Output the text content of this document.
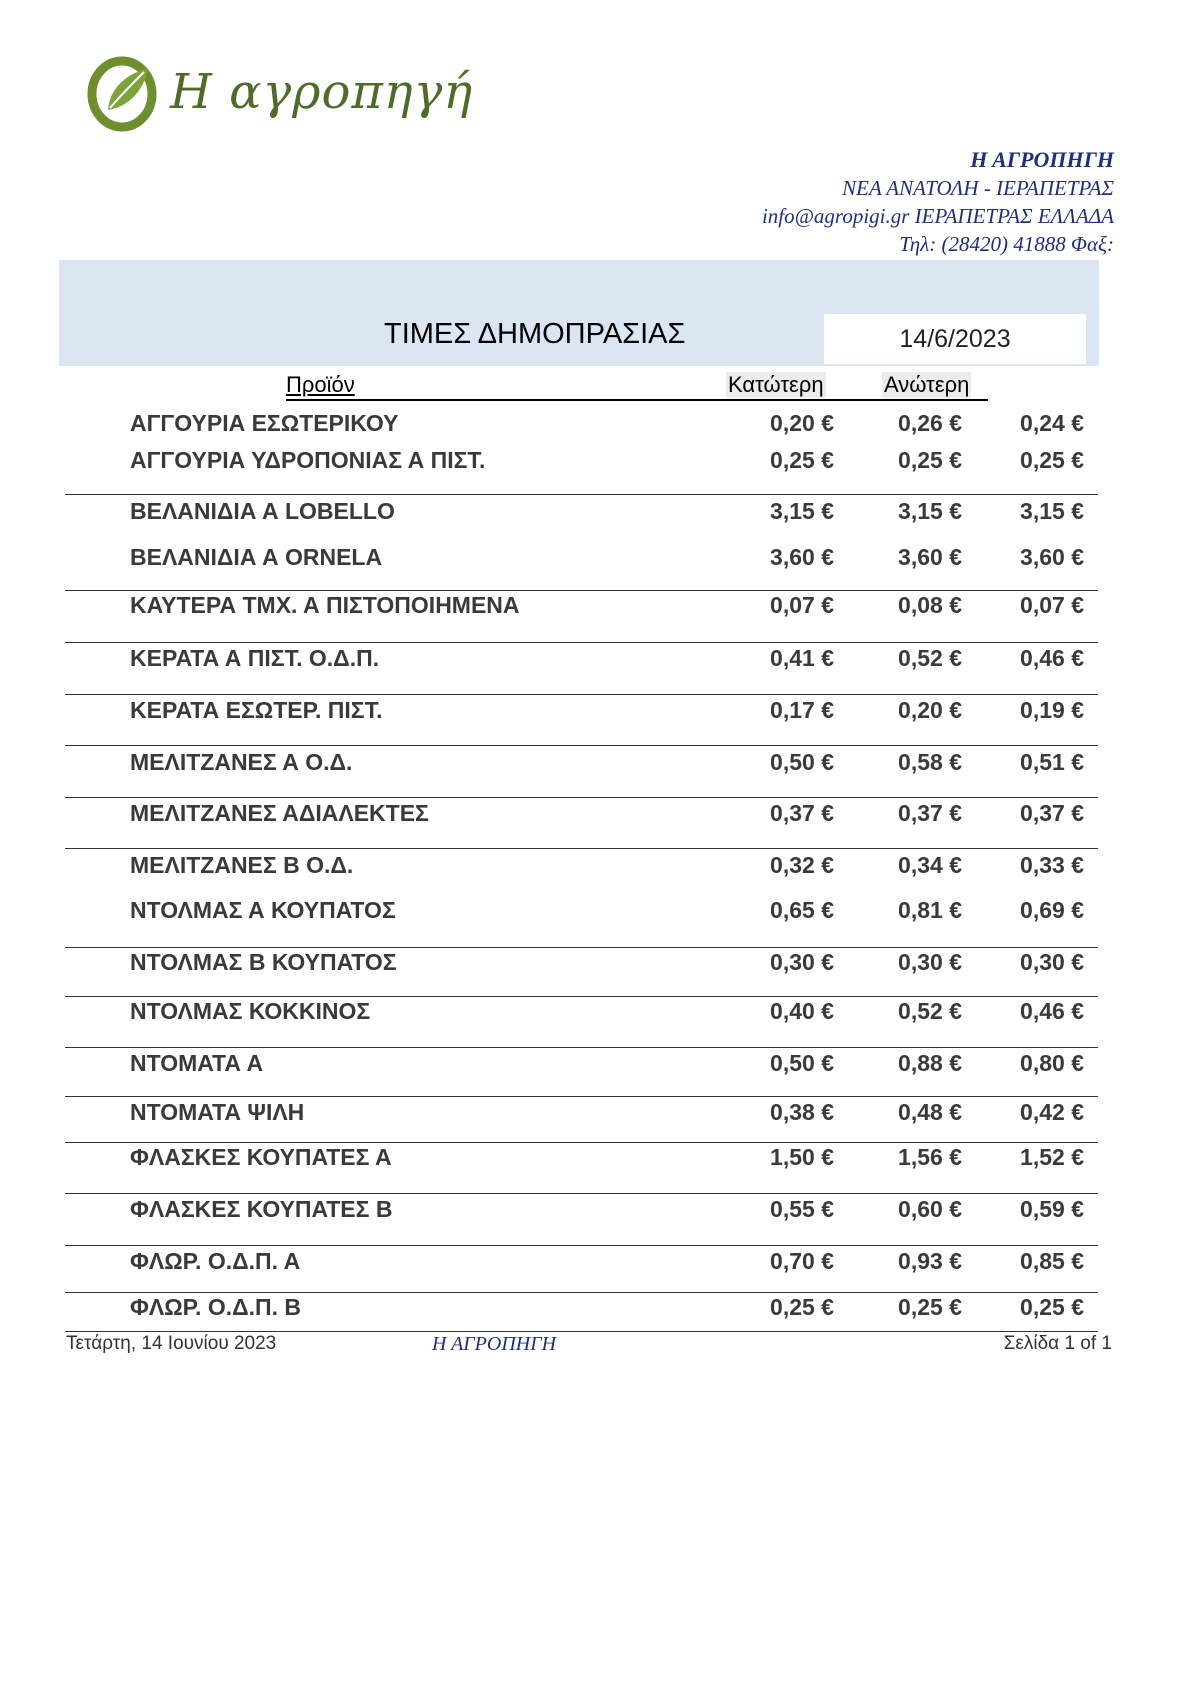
Η αγροπηγή
Η ΑΓΡΟΠΗΓΗ
ΝΕΑ ΑΝΑΤΟΛΗ - ΙΕΡΑΠΕΤΡΑΣ
info@agropigi.gr ΙΕΡΑΠΕΤΡΑΣ ΕΛΛΑΔΑ
Τηλ: (28420) 41888 Φαξ:
ΤΙΜΕΣ ΔΗΜΟΠΡΑΣΙΑΣ	14/6/2023
Προϊόν	Κατώτερη	Ανώτερη
ΑΓΓΟΥΡΙΑ ΕΣΩΤΕΡΙΚΟΥ	0,20 €	0,26 €	0,24 €
ΑΓΓΟΥΡΙΑ ΥΔΡΟΠΟΝΙΑΣ Α ΠΙΣΤ.	0,25 €	0,25 €	0,25 €
ΒΕΛΑΝΙΔΙΑ Α LOBELLO	3,15 €	3,15 €	3,15 €
ΒΕΛΑΝΙΔΙΑ Α ORNELA	3,60 €	3,60 €	3,60 €
ΚΑΥΤΕΡΑ ΤΜΧ. Α ΠΙΣΤΟΠΟΙΗΜΕΝΑ	0,07 €	0,08 €	0,07 €
ΚΕΡΑΤΑ Α ΠΙΣΤ. Ο.Δ.Π.	0,41 €	0,52 €	0,46 €
ΚΕΡΑΤΑ ΕΣΩΤΕΡ. ΠΙΣΤ.	0,17 €	0,20 €	0,19 €
ΜΕΛΙΤΖΑΝΕΣ Α Ο.Δ.	0,50 €	0,58 €	0,51 €
ΜΕΛΙΤΖΑΝΕΣ ΑΔΙΑΛΕΚΤΕΣ	0,37 €	0,37 €	0,37 €
ΜΕΛΙΤΖΑΝΕΣ Β Ο.Δ.	0,32 €	0,34 €	0,33 €
ΝΤΟΛΜΑΣ Α ΚΟΥΠΑΤΟΣ	0,65 €	0,81 €	0,69 €
ΝΤΟΛΜΑΣ Β ΚΟΥΠΑΤΟΣ	0,30 €	0,30 €	0,30 €
ΝΤΟΛΜΑΣ ΚΟΚΚΙΝΟΣ	0,40 €	0,52 €	0,46 €
ΝΤΟΜΑΤΑ Α	0,50 €	0,88 €	0,80 €
ΝΤΟΜΑΤΑ ΨΙΛΗ	0,38 €	0,48 €	0,42 €
ΦΛΑΣΚΕΣ ΚΟΥΠΑΤΕΣ Α	1,50 €	1,56 €	1,52 €
ΦΛΑΣΚΕΣ ΚΟΥΠΑΤΕΣ Β	0,55 €	0,60 €	0,59 €
ΦΛΩΡ. Ο.Δ.Π. Α	0,70 €	0,93 €	0,85 €
ΦΛΩΡ. Ο.Δ.Π. Β	0,25 €	0,25 €	0,25 €
Τετάρτη, 14 Ιουνίου 2023	Η ΑΓΡΟΠΗΓΗ	Σελίδα 1 of 1
